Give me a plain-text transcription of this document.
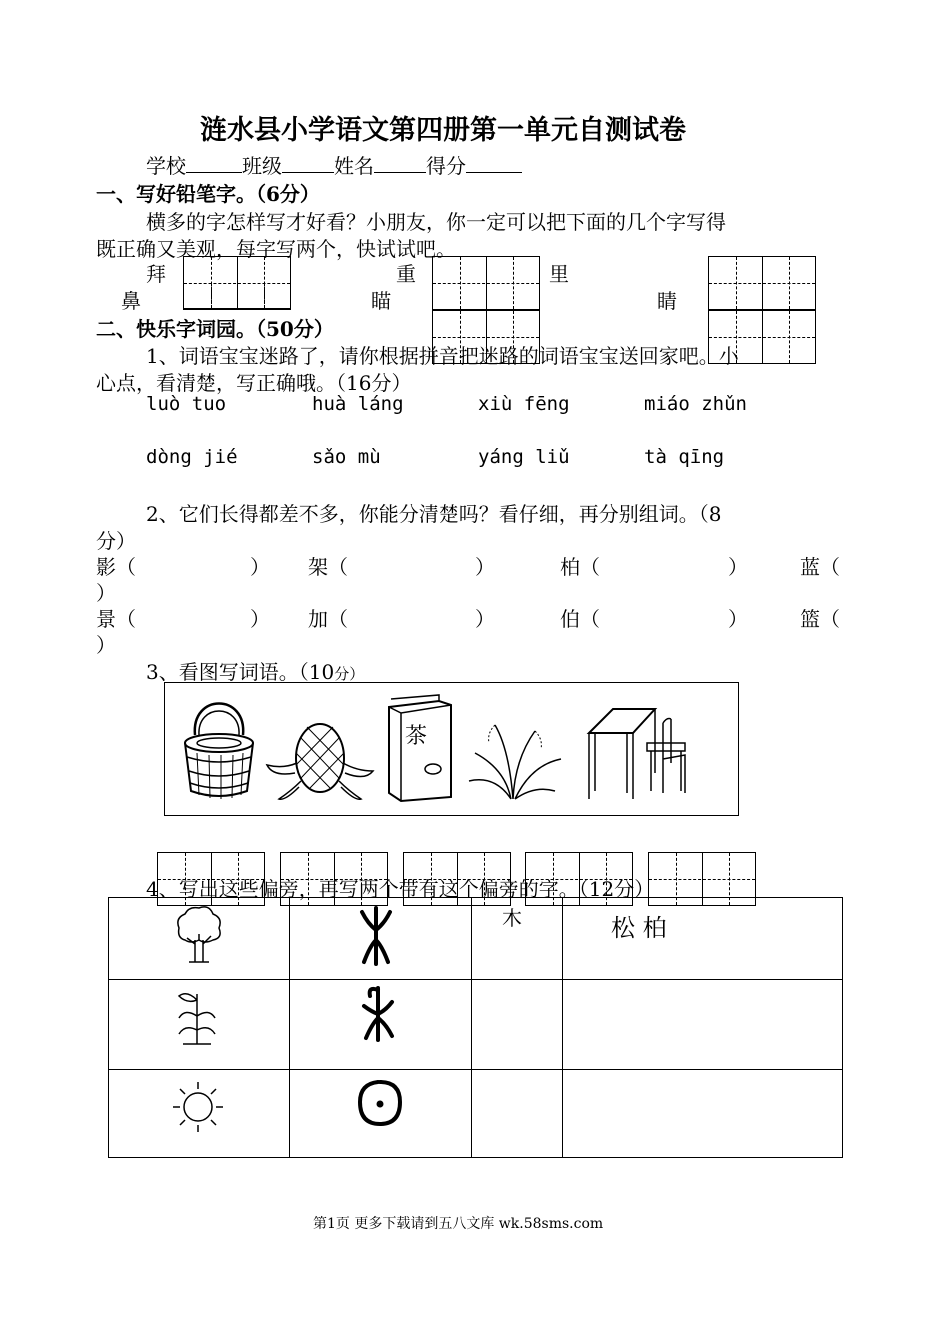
涟水县小学语文第四册第一单元自测试卷
学校	班级	姓名	得分
一、写好铅笔字。（6分）
横多的字怎样写才好看？小朋友，你一定可以把下面的几个字写得
既正确又美观，每字写两个，快试试吧。
拜	重	里
鼻	瞄	睛
二、快乐字词园。（50分）
1、词语宝宝迷路了，请你根据拼音把迷路的词语宝宝送回家吧。小
心点，看清楚，写正确哦。（16分）
luò tuo	huà láng	xiù fēng	miáo zhǔn
dòng jié	sǎo mù	yáng liǔ	tà qīng
2、它们长得都差不多，你能分清楚吗？看仔细，再分别组词。（8
分）
影（	） 架（	）	柏（	）	蓝（
）
景（	） 加（	）	伯（	）	篮（
）
3、看图写词语。（10分）
茶
4、写出这些偏旁，再写两个带有这个偏旁的字。（12分）

木	松 柏

第1页 更多下载请到五八文库 wk.58sms.com
